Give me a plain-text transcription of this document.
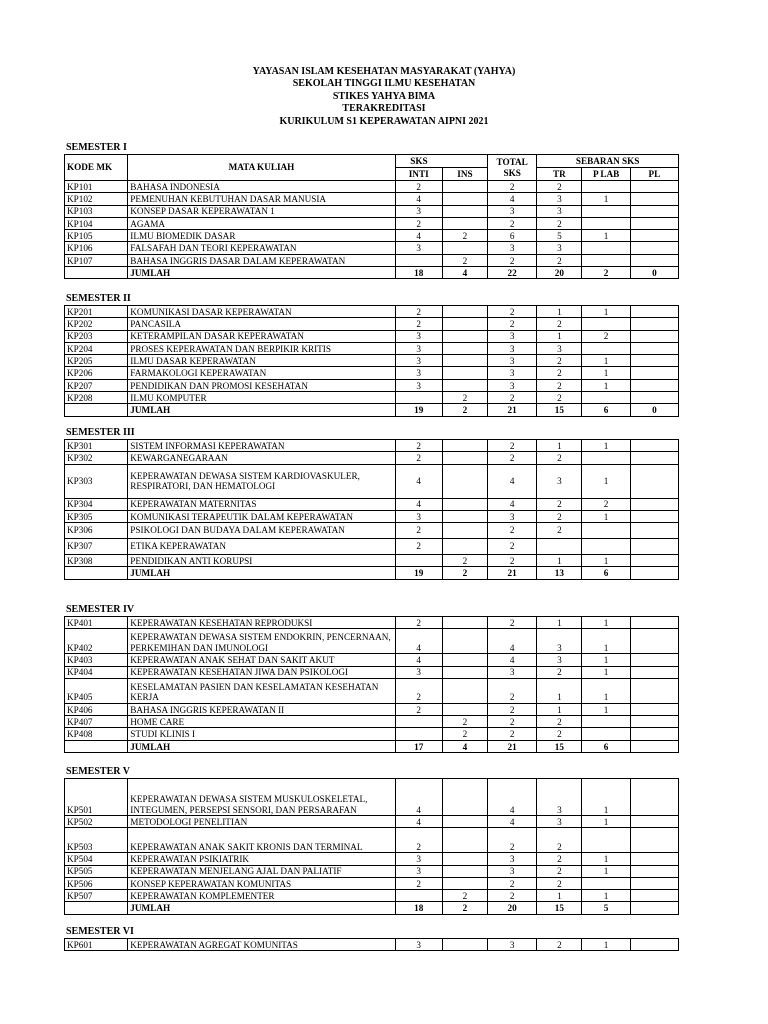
YAYASAN ISLAM KESEHATAN MASYARAKAT (YAHYA)
SEKOLAH TINGGI ILMU KESEHATAN
STIKES YAHYA BIMA
TERAKREDITASI
KURIKULUM S1 KEPERAWATAN AIPNI 2021
SEMESTER I
KODE MK	MATA KULIAH	SKS		TOTAL SKS	SEBARAN SKS		
		INTI	INS		TR	P LAB	PL
KP101	BAHASA INDONESIA	2		2	2		
KP102	PEMENUHAN KEBUTUHAN DASAR MANUSIA	4		4	3	1	
KP103	KONSEP DASAR KEPERAWATAN 1	3		3	3		
KP104	AGAMA	2		2	2		
KP105	ILMU BIOMEDIK DASAR	4	2	6	5	1	
KP106	FALSAFAH DAN TEORI KEPERAWATAN	3		3	3		
KP107	BAHASA INGGRIS DASAR DALAM KEPERAWATAN		2	2	2		
	JUMLAH	18	4	22	20	2	0
SEMESTER II
KP201	KOMUNIKASI DASAR KEPERAWATAN	2		2	1	1	
KP202	PANCASILA	2		2	2		
KP203	KETERAMPILAN DASAR KEPERAWATAN	3		3	1	2	
KP204	PROSES KEPERAWATAN DAN BERPIKIR KRITIS	3		3	3		
KP205	ILMU DASAR KEPERAWATAN	3		3	2	1	
KP206	FARMAKOLOGI KEPERAWATAN	3		3	2	1	
KP207	PENDIDIKAN DAN PROMOSI KESEHATAN	3		3	2	1	
KP208	ILMU KOMPUTER		2	2	2		
	JUMLAH	19	2	21	15	6	0
SEMESTER III
KP301	SISTEM INFORMASI KEPERAWATAN	2		2	1	1	
KP302	KEWARGANEGARAAN	2		2	2		
KP303	KEPERAWATAN DEWASA SISTEM KARDIOVASKULER, RESPIRATORI, DAN HEMATOLOGI	4		4	3	1	
KP304	KEPERAWATAN MATERNITAS	4		4	2	2	
KP305	KOMUNIKASI TERAPEUTIK DALAM KEPERAWATAN	3		3	2	1	
KP306	PSIKOLOGI DAN BUDAYA DALAM KEPERAWATAN	2		2	2		
KP307	ETIKA KEPERAWATAN	2		2			
KP308	PENDIDIKAN ANTI KORUPSI		2	2	1	1	
	JUMLAH	19	2	21	13	6	
SEMESTER IV
KP401	KEPERAWATAN KESEHATAN REPRODUKSI	2		2	1	1	
KP402	KEPERAWATAN DEWASA SISTEM ENDOKRIN, PENCERNAAN, PERKEMIHAN DAN IMUNOLOGI	4		4	3	1	
KP403	KEPERAWATAN ANAK SEHAT DAN SAKIT AKUT	4		4	3	1	
KP404	KEPERAWATAN KESEHATAN JIWA DAN PSIKOLOGI	3		3	2	1	
KP405	KESELAMATAN PASIEN DAN KESELAMATAN KESEHATAN KERJA	2		2	1	1	
KP406	BAHASA INGGRIS KEPERAWATAN II	2		2	1	1	
KP407	HOME CARE		2	2	2		
KP408	STUDI KLINIS I		2	2	2		
	JUMLAH	17	4	21	15	6	
SEMESTER V
KP501	KEPERAWATAN DEWASA SISTEM MUSKULOSKELETAL, INTEGUMEN, PERSEPSI SENSORI, DAN PERSARAFAN	4		4	3	1	
KP502	METODOLOGI PENELITIAN	4		4	3	1	
KP503	KEPERAWATAN ANAK SAKIT KRONIS DAN TERMINAL	2		2	2		
KP504	KEPERAWATAN PSIKIATRIK	3		3	2	1	
KP505	KEPERAWATAN MENJELANG AJAL DAN PALIATIF	3		3	2	1	
KP506	KONSEP KEPERAWATAN KOMUNITAS	2		2	2		
KP507	KEPERAWATAN KOMPLEMENTER		2	2	1	1	
	JUMLAH	18	2	20	15	5	
SEMESTER VI
KP601	KEPERAWATAN AGREGAT KOMUNITAS	3		3	2	1	
